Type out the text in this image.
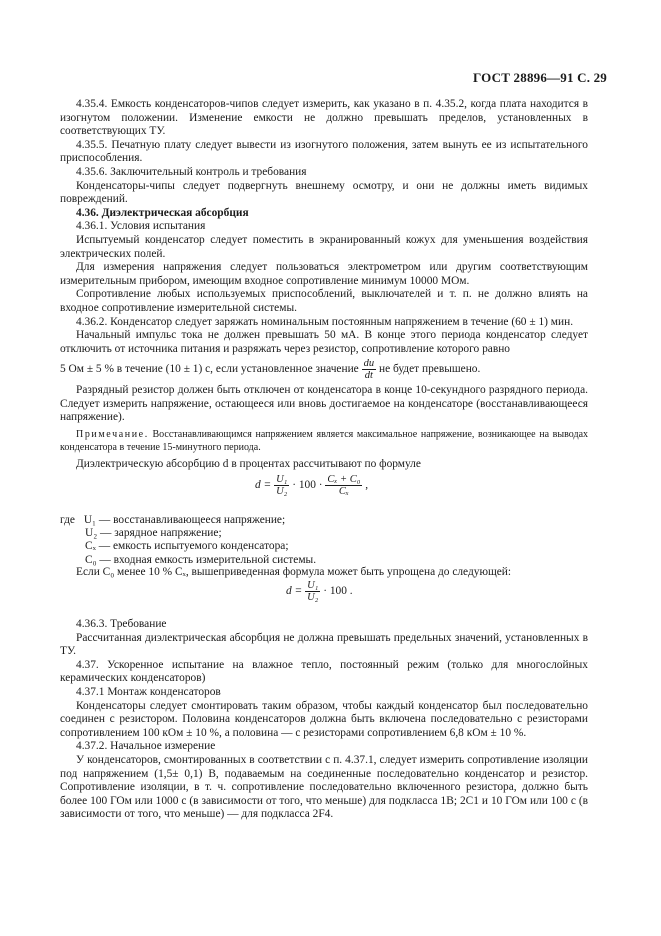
ГОСТ 28896—91 С. 29

4.35.4. Емкость конденсаторов-чипов следует измерить, как указано в п. 4.35.2, когда плата находится в изогнутом положении. Изменение емкости не должно превышать пределов, установленных в соответствующих ТУ.

4.35.5. Печатную плату следует вывести из изогнутого положения, затем вынуть ее из испытательного приспособления.

4.35.6. Заключительный контроль и требования

Конденсаторы-чипы следует подвергнуть внешнему осмотру, и они не должны иметь видимых повреждений.

4.36. Диэлектрическая абсорбция

4.36.1. Условия испытания

Испытуемый конденсатор следует поместить в экранированный кожух для уменьшения воздействия электрических полей.

Для измерения напряжения следует пользоваться электрометром или другим соответствующим измерительным прибором, имеющим входное сопротивление минимум 10000 МОм.

Сопротивление любых используемых приспособлений, выключателей и т. п. не должно влиять на входное сопротивление измерительной системы.

4.36.2. Конденсатор следует заряжать номинальным постоянным напряжением в течение (60 ± 1) мин.

Начальный импульс тока не должен превышать 50 мА. В конце этого периода конденсатор следует отключить от источника питания и разряжать через резистор, сопротивление которого равно

5 Ом ± 5 % в течение (10 ± 1) с, если установленное значение $\frac{du}{dt}$ не будет превышено.

Разрядный резистор должен быть отключен от конденсатора в конце 10-секундного разрядного периода. Следует измерить напряжение, остающееся или вновь достигаемое на конденсаторе (восстанавливающееся напряжение).

Примечание. Восстанавливающимся напряжением является максимальное напряжение, возникающее на выводах конденсатора в течение 15-минутного периода.

Диэлектрическую абсорбцию d в процентах рассчитывают по формуле

$d = \frac{\text{U₁}}{\text{U₂}} \cdot 100 \cdot \frac{\text{Cₓ + C₀}}{\text{Cₓ}}$ ,
где U₁ — восстанавливающееся напряжение;
U₂ — зарядное напряжение;
Cₓ — емкость испытуемого конденсатора;
C₀ — входная емкость измерительной системы.

Если C₀ менее 10 % Cₓ, вышеприведенная формула может быть упрощена до следующей:

$d = \frac{\text{U₁}}{\text{U₂}} \cdot 100$ .

4.36.3. Требование

Рассчитанная диэлектрическая абсорбция не должна превышать предельных значений, установленных в ТУ.

4.37. Ускоренное испытание на влажное тепло, постоянный режим (только для многослойных керамических конденсаторов)

4.37.1 Монтаж конденсаторов

Конденсаторы следует смонтировать таким образом, чтобы каждый конденсатор был последовательно соединен с резистором. Половина конденсаторов должна быть включена последовательно с резисторами сопротивлением 100 кОм ± 10 %, а половина — с резисторами сопротивлением 6,8 кОм ± 10 %.

4.37.2. Начальное измерение

У конденсаторов, смонтированных в соответствии с п. 4.37.1, следует измерить сопротивление изоляции под напряжением (1,5± 0,1) В, подаваемым на соединенные последовательно конденсатор и резистор. Сопротивление изоляции, в т. ч. сопротивление последовательно включенного резистора, должно быть более 100 ГОм или 1000 с (в зависимости от того, что меньше) для подкласса 1В; 2С1 и 10 ГОм или 100 с (в зависимости от того, что меньше) — для подкласса 2F4.
